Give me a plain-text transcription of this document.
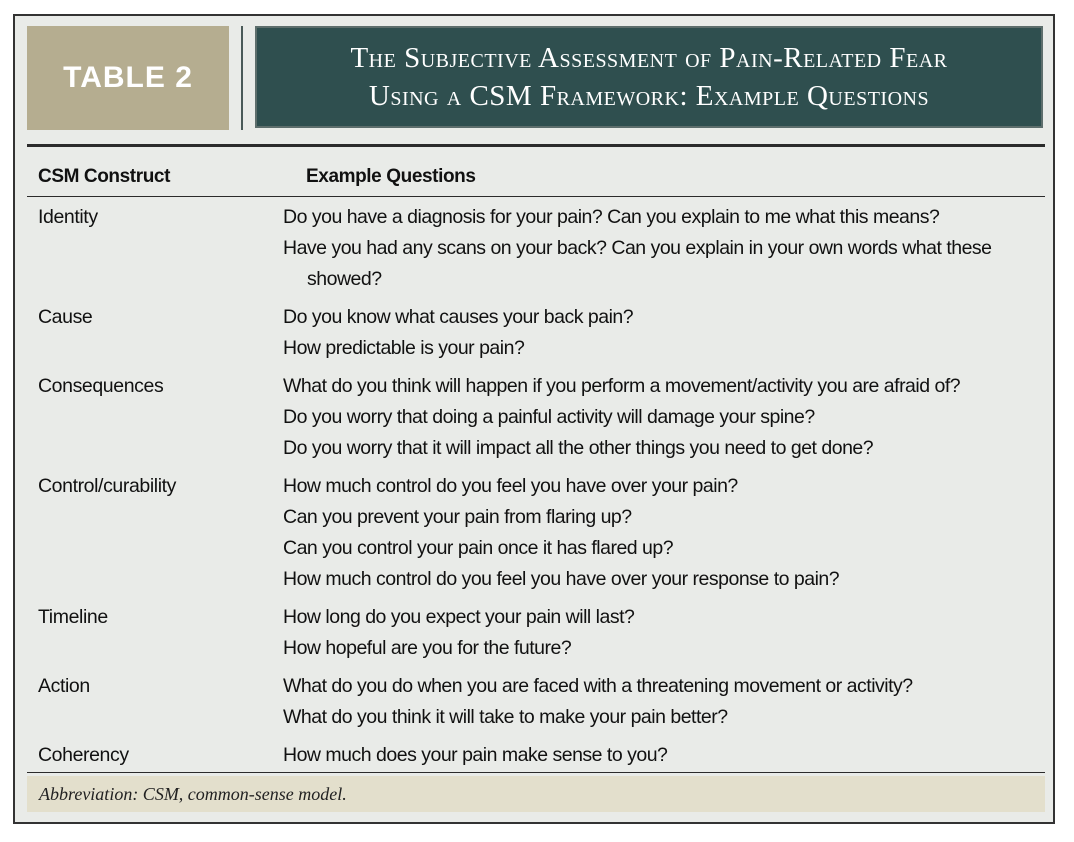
TABLE 2
The Subjective Assessment of Pain-Related Fear
Using a CSM Framework: Example Questions
CSM Construct	Example Questions
Identity	Do you have a diagnosis for your pain? Can you explain to me what this means?
Have you had any scans on your back? Can you explain in your own words what these showed?
Cause	Do you know what causes your back pain?
How predictable is your pain?
Consequences	What do you think will happen if you perform a movement/activity you are afraid of?
Do you worry that doing a painful activity will damage your spine?
Do you worry that it will impact all the other things you need to get done?
Control/curability	How much control do you feel you have over your pain?
Can you prevent your pain from flaring up?
Can you control your pain once it has flared up?
How much control do you feel you have over your response to pain?
Timeline	How long do you expect your pain will last?
How hopeful are you for the future?
Action	What do you do when you are faced with a threatening movement or activity?
What do you think it will take to make your pain better?
Coherency	How much does your pain make sense to you?
Abbreviation: CSM, common-sense model.
